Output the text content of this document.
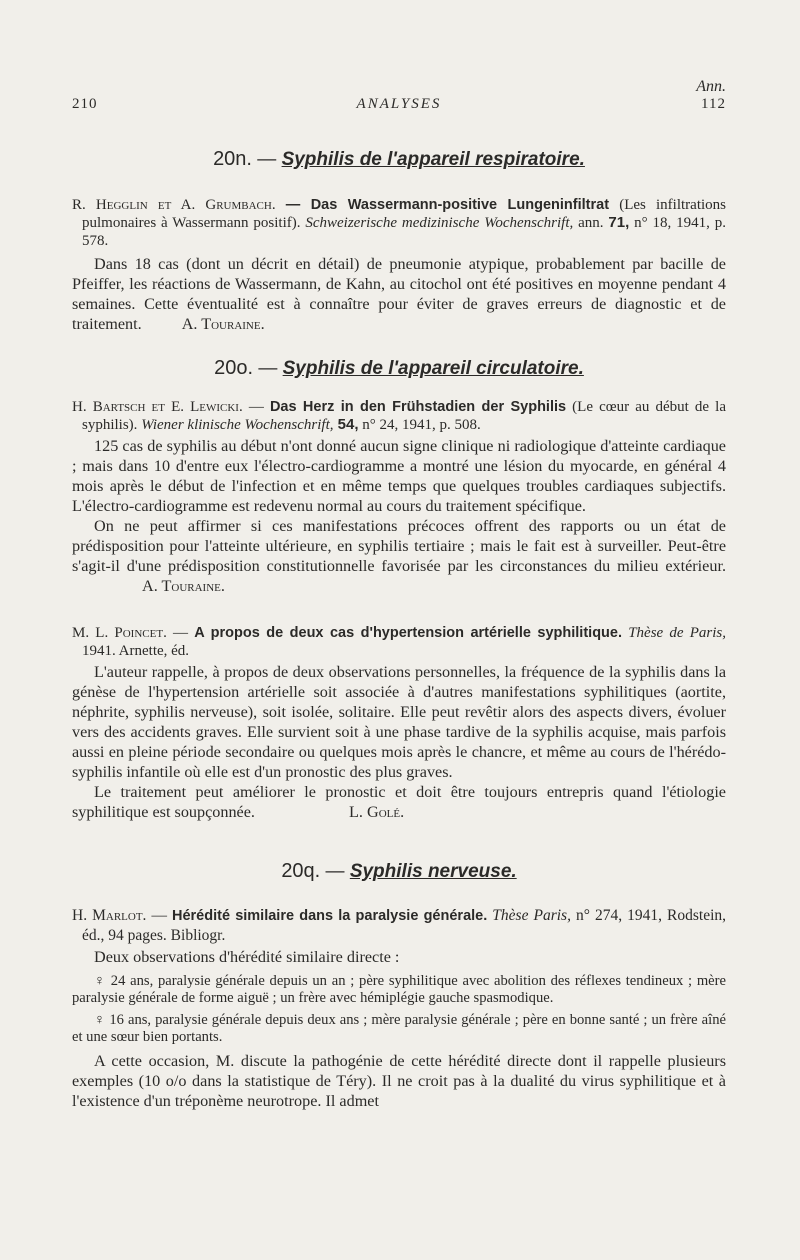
Ann.
210	ANALYSES	112
20n. — Syphilis de l'appareil respiratoire.

R. Hegglin et A. Grumbach. — Das Wassermann-positive Lungeninfiltrat (Les infiltrations pulmonaires à Wassermann positif). Schweizerische medizinische Wochenschrift, ann. 71, n° 18, 1941, p. 578.

Dans 18 cas (dont un décrit en détail) de pneumonie atypique, probablement par bacille de Pfeiffer, les réactions de Wassermann, de Kahn, au citochol ont été positives en moyenne pendant 4 semaines. Cette éventualité est à connaître pour éviter de graves erreurs de diagnostic et de traitement. A. Touraine.

20o. — Syphilis de l'appareil circulatoire.

H. Bartsch et E. Lewicki. — Das Herz in den Frühstadien der Syphilis (Le cœur au début de la syphilis). Wiener klinische Wochenschrift, 54, n° 24, 1941, p. 508.

125 cas de syphilis au début n'ont donné aucun signe clinique ni radiologique d'atteinte cardiaque ; mais dans 10 d'entre eux l'électro-cardiogramme a montré une lésion du myocarde, en général 4 mois après le début de l'infection et en même temps que quelques troubles cardiaques subjectifs. L'électro-cardiogramme est redevenu normal au cours du traitement spécifique.

On ne peut affirmer si ces manifestations précoces offrent des rapports ou un état de prédisposition pour l'atteinte ultérieure, en syphilis tertiaire ; mais le fait est à surveiller. Peut-être s'agit-il d'une prédisposition constitutionnelle favorisée par les circonstances du milieu extérieur. A. Touraine.

M. L. Poincet. — A propos de deux cas d'hypertension artérielle syphilitique. Thèse de Paris, 1941. Arnette, éd.

L'auteur rappelle, à propos de deux observations personnelles, la fréquence de la syphilis dans la génèse de l'hypertension artérielle soit associée à d'autres manifestations syphilitiques (aortite, néphrite, syphilis nerveuse), soit isolée, solitaire. Elle peut revêtir alors des aspects divers, évoluer vers des accidents graves. Elle survient soit à une phase tardive de la syphilis acquise, mais parfois aussi en pleine période secondaire ou quelques mois après le chancre, et même au cours de l'hérédo-syphilis infantile où elle est d'un pronostic des plus graves.

Le traitement peut améliorer le pronostic et doit être toujours entrepris quand l'étiologie syphilitique est soupçonnée.	L. Golé.

20q. — Syphilis nerveuse.

H. Marlot. — Hérédité similaire dans la paralysie générale. Thèse Paris, n° 274, 1941, Rodstein, éd., 94 pages. Bibliogr.

Deux observations d'hérédité similaire directe :

♀ 24 ans, paralysie générale depuis un an ; père syphilitique avec abolition des réflexes tendineux ; mère paralysie générale de forme aiguë ; un frère avec hémiplégie gauche spasmodique.

♀ 16 ans, paralysie générale depuis deux ans ; mère paralysie générale ; père en bonne santé ; un frère aîné et une sœur bien portants.

A cette occasion, M. discute la pathogénie de cette hérédité directe dont il rappelle plusieurs exemples (10 o/o dans la statistique de Téry). Il ne croit pas à la dualité du virus syphilitique et à l'existence d'un tréponème neurotrope. Il admet
